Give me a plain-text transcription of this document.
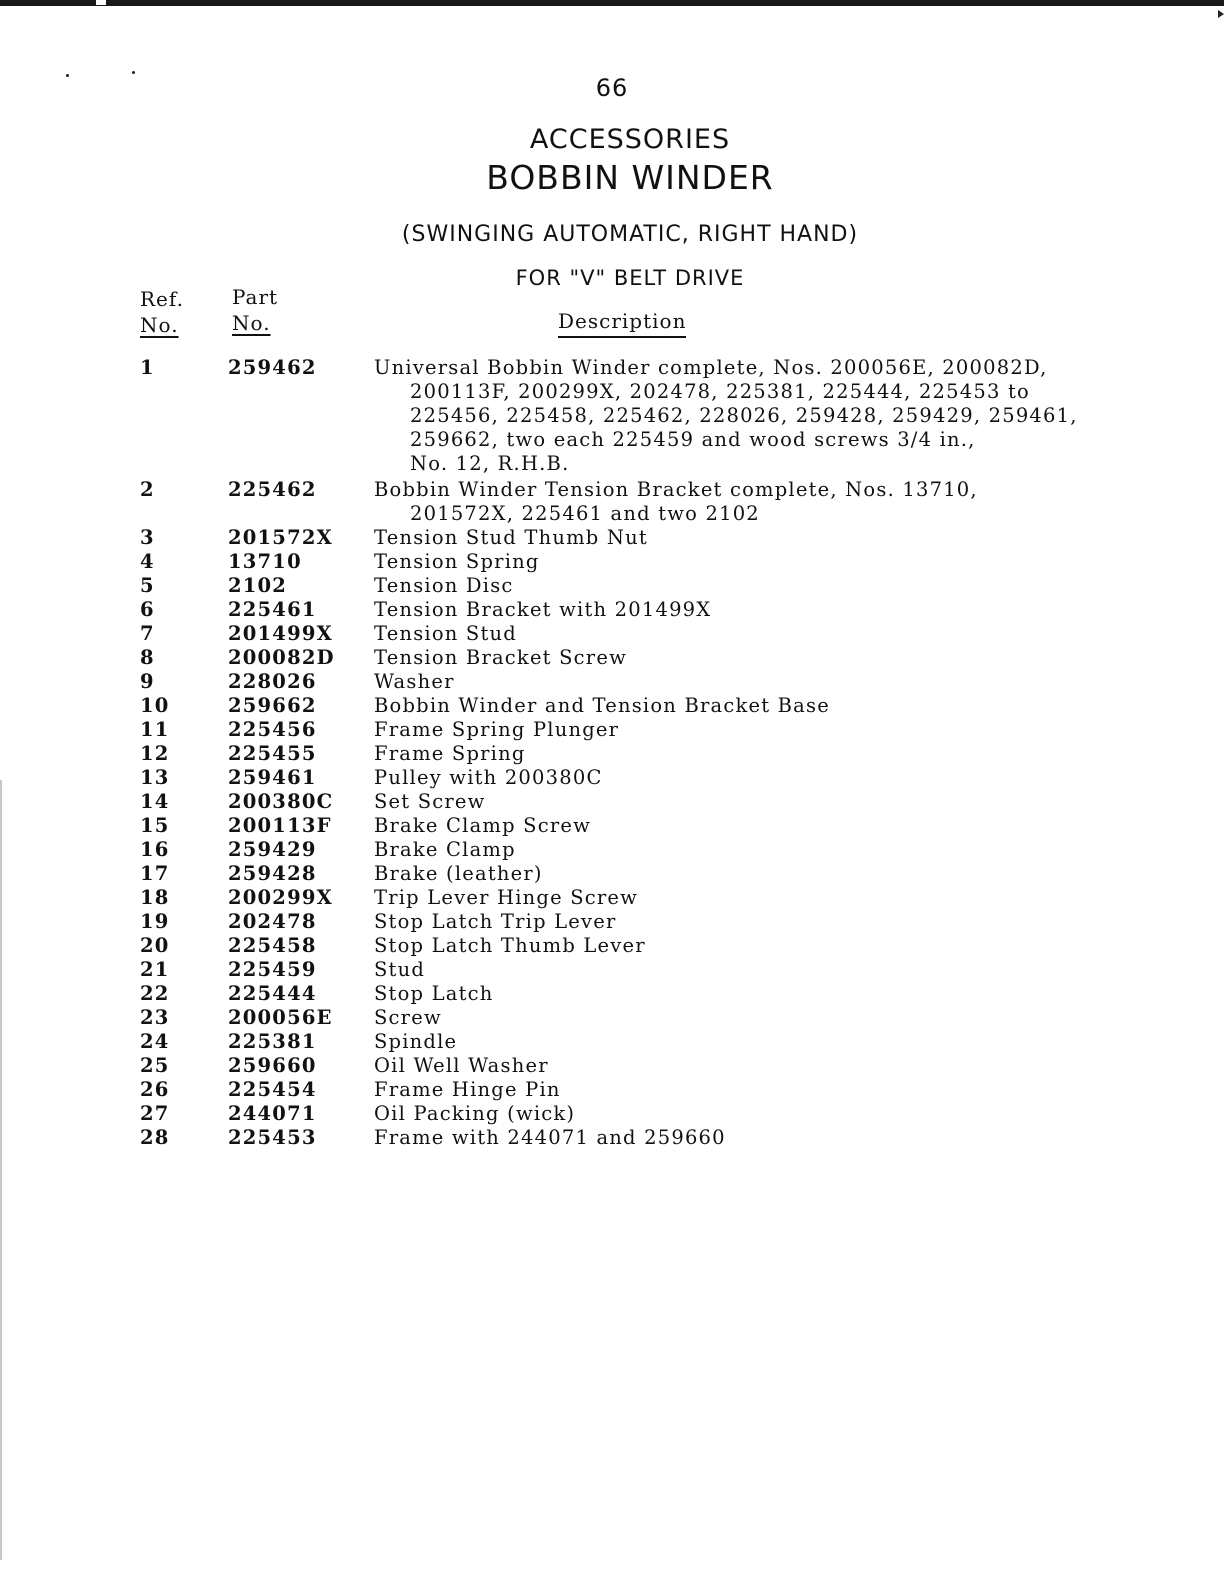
66
ACCESSORIES
BOBBIN WINDER
(SWINGING AUTOMATIC, RIGHT HAND)
FOR "V" BELT DRIVE
Ref.
No.
Part
No.	Description
1	259462	Universal Bobbin Winder complete, Nos. 200056E, 200082D,
200113F, 200299X, 202478, 225381, 225444, 225453 to
225456, 225458, 225462, 228026, 259428, 259429, 259461,
259662, two each 225459 and wood screws 3/4 in.,
No. 12, R.H.B.
2	225462	Bobbin Winder Tension Bracket complete, Nos. 13710,
201572X, 225461 and two 2102
3	201572X Tension Stud Thumb Nut
4	13710	Tension Spring
5	2102	Tension Disc
6	225461	Tension Bracket with 201499X
7	201499X Tension Stud
8	200082D Tension Bracket Screw
9	228026	Washer
10	259662	Bobbin Winder and Tension Bracket Base
11	225456	Frame Spring Plunger
12	225455	Frame Spring
13	259461	Pulley with 200380C
14	200380C Set Screw
15	200113F Brake Clamp Screw
16	259429	Brake Clamp
17	259428	Brake (leather)
18	200299X Trip Lever Hinge Screw
19	202478	Stop Latch Trip Lever
20	225458	Stop Latch Thumb Lever
21	225459	Stud
22	225444	Stop Latch
23	200056E Screw
24	225381	Spindle
25	259660	Oil Well Washer
26	225454	Frame Hinge Pin
27	244071	Oil Packing (wick)
28	225453	Frame with 244071 and 259660
